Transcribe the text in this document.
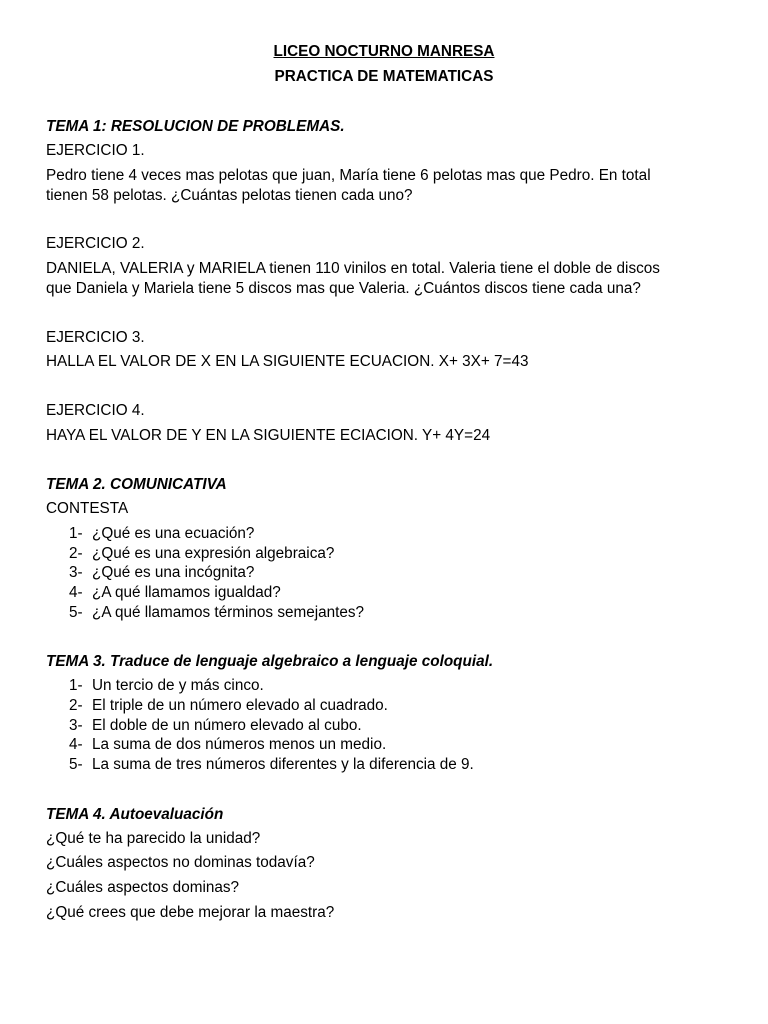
LICEO NOCTURNO MANRESA
PRACTICA DE MATEMATICAS
TEMA 1: RESOLUCION DE PROBLEMAS.
EJERCICIO 1.
Pedro tiene 4 veces mas pelotas que juan, María tiene 6 pelotas mas que Pedro. En total
tienen 58 pelotas. ¿Cuántas pelotas tienen cada uno?
EJERCICIO 2.
DANIELA, VALERIA y MARIELA tienen 110 vinilos en total. Valeria tiene el doble de discos
que Daniela y Mariela tiene 5 discos mas que Valeria. ¿Cuántos discos tiene cada una?
EJERCICIO 3.
HALLA EL VALOR DE X EN LA SIGUIENTE ECUACION. X+ 3X+ 7=43
EJERCICIO 4.
HAYA EL VALOR DE Y EN LA SIGUIENTE ECIACION. Y+ 4Y=24
TEMA 2. COMUNICATIVA
CONTESTA
1- ¿Qué es una ecuación?
2- ¿Qué es una expresión algebraica?
3- ¿Qué es una incógnita?
4- ¿A qué llamamos igualdad?
5- ¿A qué llamamos términos semejantes?
TEMA 3. Traduce de lenguaje algebraico a lenguaje coloquial.
1- Un tercio de y más cinco.
2- El triple de un número elevado al cuadrado.
3- El doble de un número elevado al cubo.
4- La suma de dos números menos un medio.
5- La suma de tres números diferentes y la diferencia de 9.
TEMA 4. Autoevaluación
¿Qué te ha parecido la unidad?
¿Cuáles aspectos no dominas todavía?
¿Cuáles aspectos dominas?
¿Qué crees que debe mejorar la maestra?
